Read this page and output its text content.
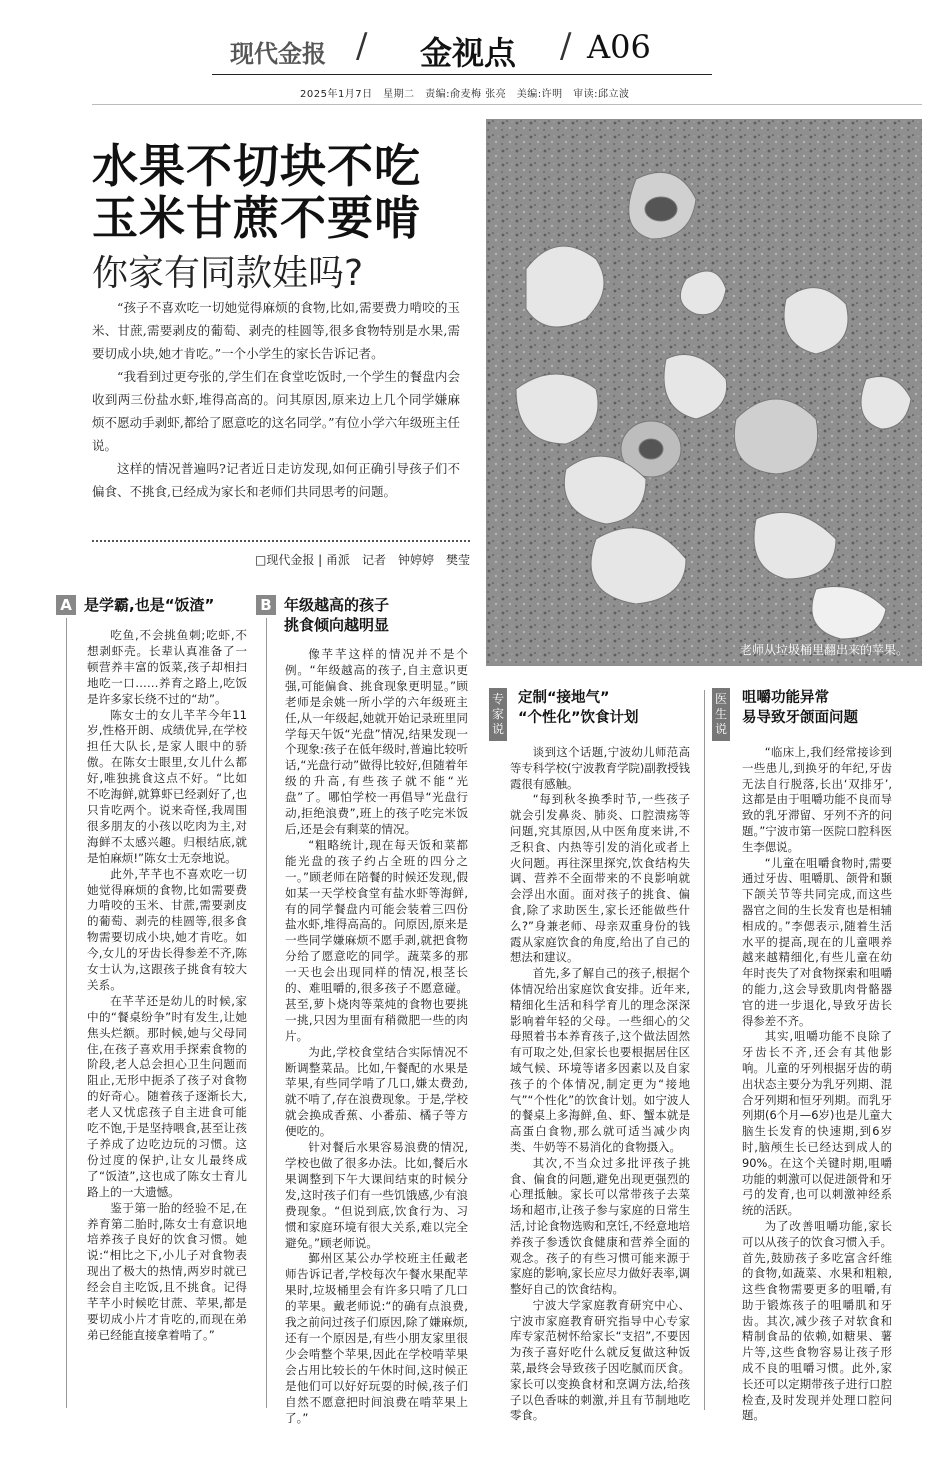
现代金报 / 金视点 / A06
2025年1月7日　星期二　责编:俞麦梅 张亮　美编:许明　审读:邱立波
水果不切块不吃
玉米甘蔗不要啃
你家有同款娃吗?

“孩子不喜欢吃一切她觉得麻烦的食物,比如,需要费力啃咬的玉米、甘蔗,需要剥皮的葡萄、剥壳的桂圆等,很多食物特别是水果,需要切成小块,她才肯吃。”一个小学生的家长告诉记者。

“我看到过更夸张的,学生们在食堂吃饭时,一个学生的餐盘内会收到两三份盐水虾,堆得高高的。问其原因,原来边上几个同学嫌麻烦不愿动手剥虾,都给了愿意吃的这名同学。”有位小学六年级班主任说。

这样的情况普遍吗?记者近日走访发现,如何正确引导孩子们不偏食、不挑食,已经成为家长和老师们共同思考的问题。

□现代金报 | 甬派　记者　钟婷婷　樊莹
老师从垃圾桶里翻出来的苹果。
A 是学霸,也是“饭渣”

吃鱼,不会挑鱼刺;吃虾,不想剥虾壳。长辈认真准备了一顿营养丰富的饭菜,孩子却相扫地吃一口……养育之路上,吃饭是许多家长绕不过的“劫”。

陈女士的女儿芊芊今年11岁,性格开朗、成绩优异,在学校担任大队长,是家人眼中的骄傲。在陈女士眼里,女儿什么都好,唯独挑食这点不好。“比如不吃海鲜,就算虾已经剥好了,也只肯吃两个。说来奇怪,我周围很多朋友的小孩以吃肉为主,对海鲜不太感兴趣。归根结底,就是怕麻烦!”陈女士无奈地说。

此外,芊芊也不喜欢吃一切她觉得麻烦的食物,比如需要费力啃咬的玉米、甘蔗,需要剥皮的葡萄、剥壳的桂圆等,很多食物需要切成小块,她才肯吃。如今,女儿的牙齿长得参差不齐,陈女士认为,这跟孩子挑食有较大关系。

在芊芊还是幼儿的时候,家中的“餐桌纷争”时有发生,让她焦头烂额。那时候,她与父母同住,在孩子喜欢用手探索食物的阶段,老人总会担心卫生问题而阻止,无形中扼杀了孩子对食物的好奇心。随着孩子逐渐长大,老人又忧虑孩子自主进食可能吃不饱,于是坚持喂食,甚至让孩子养成了边吃边玩的习惯。这份过度的保护,让女儿最终成了“饭渣”,这也成了陈女士育儿路上的一大遗憾。

鉴于第一胎的经验不足,在养育第二胎时,陈女士有意识地培养孩子良好的饮食习惯。她说:“相比之下,小儿子对食物表现出了极大的热情,两岁时就已经会自主吃饭,且不挑食。记得芊芊小时候吃甘蔗、苹果,都是要切成小片才肯吃的,而现在弟弟已经能直接拿着啃了。”

B 年级越高的孩子
挑食倾向越明显

像芊芊这样的情况并不是个例。“年级越高的孩子,自主意识更强,可能偏食、挑食现象更明显。”顾老师是余姚一所小学的六年级班主任,从一年级起,她就开始记录班里同学每天午饭“光盘”情况,结果发现一个现象:孩子在低年级时,普遍比较听话,“光盘行动”做得比较好,但随着年级的升高,有些孩子就不能“光盘”了。哪怕学校一再倡导“光盘行动,拒绝浪费”,班上的孩子吃完米饭后,还是会有剩菜的情况。

“粗略统计,现在每天饭和菜都能光盘的孩子约占全班的四分之一。”顾老师在陪餐的时候还发现,假如某一天学校食堂有盐水虾等海鲜,有的同学餐盘内可能会装着三四份盐水虾,堆得高高的。问原因,原来是一些同学嫌麻烦不愿手剥,就把食物分给了愿意吃的同学。蔬菜多的那一天也会出现同样的情况,根茎长的、难咀嚼的,很多孩子不愿意碰。甚至,萝卜烧肉等菜炖的食物也要挑一挑,只因为里面有稍微肥一些的肉片。

为此,学校食堂结合实际情况不断调整菜品。比如,午餐配的水果是苹果,有些同学啃了几口,嫌太费劲,就不啃了,存在浪费现象。于是,学校就会换成香蕉、小番茄、橘子等方便吃的。

针对餐后水果容易浪费的情况,学校也做了很多办法。比如,餐后水果调整到下午大课间结束的时候分发,这时孩子们有一些饥饿感,少有浪费现象。“但说到底,饮食行为、习惯和家庭环境有很大关系,难以完全避免。”顾老师说。

鄞州区某公办学校班主任戴老师告诉记者,学校每次午餐水果配苹果时,垃圾桶里会有许多只啃了几口的苹果。戴老师说:“的确有点浪费,我之前问过孩子们原因,除了嫌麻烦,还有一个原因是,有些小朋友家里很少会啃整个苹果,因此在学校啃苹果会占用比较长的午休时间,这时候正是他们可以好好玩耍的时候,孩子们自然不愿意把时间浪费在啃苹果上了。”

专家说
定制“接地气”
“个性化”饮食计划

谈到这个话题,宁波幼儿师范高等专科学校(宁波教育学院)副教授钱霞很有感触。

“每到秋冬换季时节,一些孩子就会引发鼻炎、肺炎、口腔溃疡等问题,究其原因,从中医角度来讲,不乏积食、内热等引发的消化或者上火问题。再往深里探究,饮食结构失调、营养不全面带来的不良影响就会浮出水面。面对孩子的挑食、偏食,除了求助医生,家长还能做些什么?”身兼老师、母亲双重身份的钱霞从家庭饮食的角度,给出了自己的想法和建议。

首先,多了解自己的孩子,根据个体情况给出家庭饮食安排。近年来,精细化生活和科学育儿的理念深深影响着年轻的父母。一些细心的父母照着书本养育孩子,这个做法固然有可取之处,但家长也要根据居住区域气候、环境等诸多因素以及自家孩子的个体情况,制定更为“接地气”“个性化”的饮食计划。如宁波人的餐桌上多海鲜,鱼、虾、蟹本就是高蛋白食物,那么就可适当减少肉类、牛奶等不易消化的食物摄入。

其次,不当众过多批评孩子挑食、偏食的问题,避免出现更强烈的心理抵触。家长可以常带孩子去菜场和超市,让孩子参与家庭的日常生活,讨论食物选购和烹饪,不经意地培养孩子参透饮食健康和营养全面的观念。孩子的有些习惯可能来源于家庭的影响,家长应尽力做好表率,调整好自己的饮食结构。

宁波大学家庭教育研究中心、宁波市家庭教育研究指导中心专家库专家范树怀给家长“支招”,不要因为孩子喜好吃什么就反复做这种饭菜,最终会导致孩子因吃腻而厌食。家长可以变换食材和烹调方法,给孩子以色香味的刺激,并且有节制地吃零食。

医生说
咀嚼功能异常
易导致牙颌面问题

“临床上,我们经常接诊到一些患儿,到换牙的年纪,牙齿无法自行脱落,长出‘双排牙’,这都是由于咀嚼功能不良而导致的乳牙滞留、牙列不齐的问题。”宁波市第一医院口腔科医生李偲说。

“儿童在咀嚼食物时,需要通过牙齿、咀嚼肌、颌骨和颞下颌关节等共同完成,而这些器官之间的生长发育也是相辅相成的。”李偲表示,随着生活水平的提高,现在的儿童喂养越来越精细化,有些儿童在幼年时丧失了对食物探索和咀嚼的能力,这会导致肌肉骨骼器官的进一步退化,导致牙齿长得参差不齐。

其实,咀嚼功能不良除了牙齿长不齐,还会有其他影响。儿童的牙列根据牙齿的萌出状态主要分为乳牙列期、混合牙列期和恒牙列期。而乳牙列期(6个月—6岁)也是儿童大脑生长发育的快速期,到6岁时,脑颅生长已经达到成人的90%。在这个关键时期,咀嚼功能的刺激可以促进颌骨和牙弓的发育,也可以刺激神经系统的活跃。

为了改善咀嚼功能,家长可以从孩子的饮食习惯入手。首先,鼓励孩子多吃富含纤维的食物,如蔬菜、水果和粗粮,这些食物需要更多的咀嚼,有助于锻炼孩子的咀嚼肌和牙齿。其次,减少孩子对软食和精制食品的依赖,如糖果、薯片等,这些食物容易让孩子形成不良的咀嚼习惯。此外,家长还可以定期带孩子进行口腔检查,及时发现并处理口腔问题。
